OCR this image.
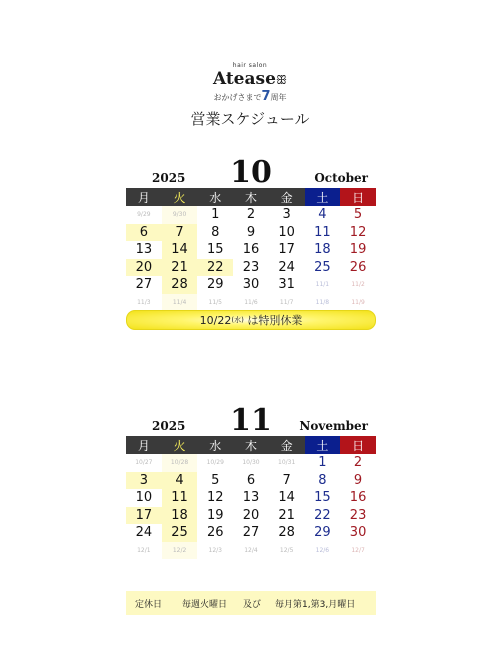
hair salon
Ateaseꕥ
おかげさまで7周年
営業スケジュール
2025	10	October
月	火	水	木	金	土	日
9/29	9/30	1	2	3	4	5
6	7	8	9	10	11	12
13	14	15	16	17	18	19
20	21	22	23	24	25	26
27	28	29	30	31	11/1	11/2
11/3	11/4	11/5	11/6	11/7	11/8	11/9
10/22 (水)
は特別休業
2025	11	November
月	火	水	木	金	土	日
10/27	10/28	10/29	10/30	10/31	1	2
3	4	5	6	7	8	9
10	11	12	13	14	15	16
17	18	19	20	21	22	23
24	25	26	27	28	29	30
12/1	12/2	12/3	12/4	12/5	12/6	12/7
定休日 毎週火曜日 及び 毎月第1,第3,月曜日
